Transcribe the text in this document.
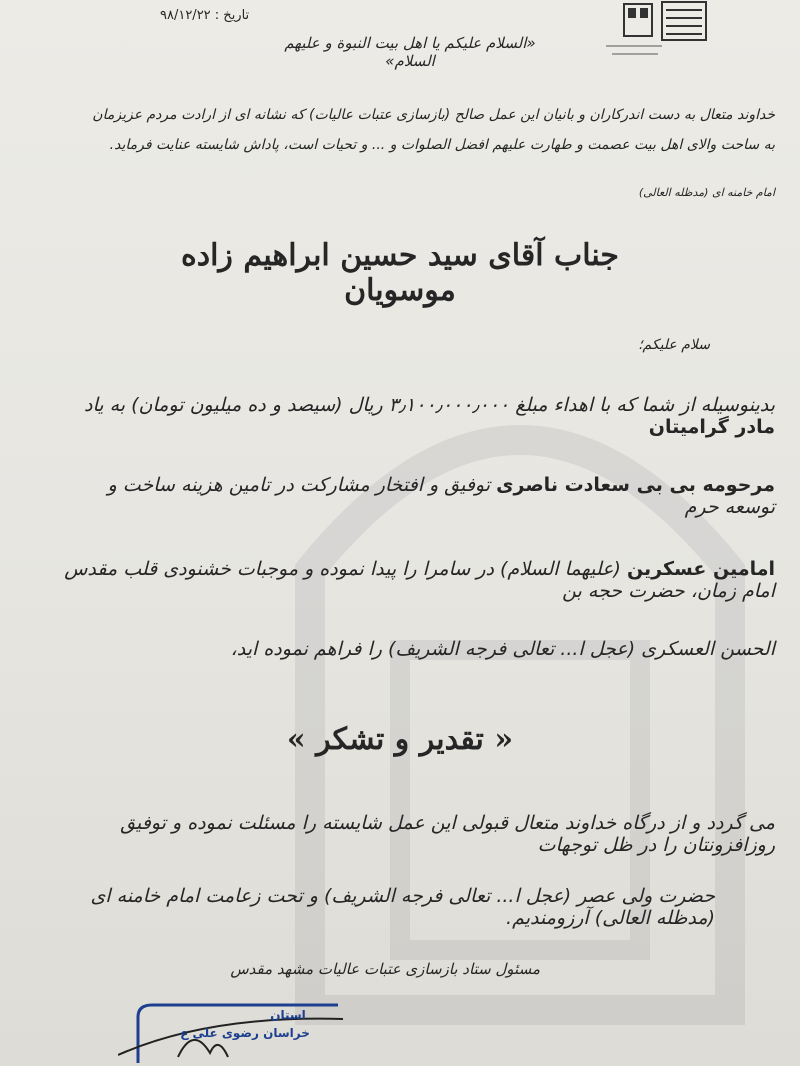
تاریخ : ۹۸/۱۲/۲۲
«السلام علیکم یا اهل بیت النبوة و علیهم السلام»
خداوند متعال به دست اندرکاران و بانیان این عمل صالح (بازسازی عتبات عالیات) که نشانه ای از ارادت مردم عزیزمان به ساحت والای اهل بیت عصمت و طهارت علیهم افضل الصلوات و ... و تحیات است، پاداش شایسته عنایت فرماید.
امام خامنه ای (مدظله العالی)
جناب آقای سید حسین ابراهیم زاده موسویان
سلام علیکم؛
بدینوسیله از شما که با اهداء مبلغ ۳٫۱۰۰٫۰۰۰٫۰۰۰ ریال (سیصد و ده میلیون تومان) به یاد مادر گرامیتان
مرحومه بی بی سعادت ناصری توفیق و افتخار مشارکت در تامین هزینه ساخت و توسعه حرم
امامین عسکرین (علیهما السلام) در سامرا را پیدا نموده و موجبات خشنودی قلب مقدس امام زمان، حضرت حجه بن
الحسن العسکری (عجل ا... تعالی فرجه الشریف) را فراهم نموده اید،
« تقدیر و تشکر »
می گردد و از درگاه خداوند متعال قبولی این عمل شایسته را مسئلت نموده و توفیق روزافزونتان را در ظل توجهات
حضرت ولی عصر (عجل ا... تعالی فرجه الشریف) و تحت زعامت امام خامنه ای (مدظله العالی) آرزومندیم.
مسئول ستاد بازسازی عتبات عالیات مشهد مقدس
استان
خراسان رضوی علی ع
